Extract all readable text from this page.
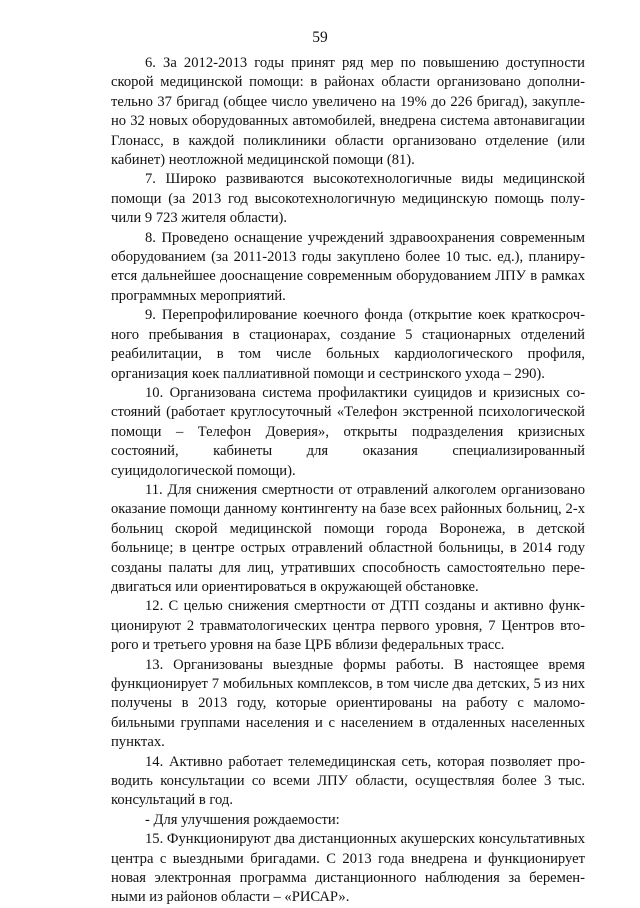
59

6. За 2012-2013 годы принят ряд мер по повышению доступности скорой медицинской помощи: в районах области организовано дополнительно 37 бригад (общее число увеличено на 19% до 226 бригад), закуплено 32 новых оборудованных автомобилей, внедрена система автонавигации Глонасс, в каждой поликлиники области организовано отделение (или кабинет) неотложной медицинской помощи (81).

7. Широко развиваются высокотехнологичные виды медицинской помощи (за 2013 год высокотехнологичную медицинскую помощь получили 9 723 жителя области).

8. Проведено оснащение учреждений здравоохранения современным оборудованием (за 2011-2013 годы закуплено более 10 тыс. ед.), планируется дальнейшее дооснащение современным оборудованием ЛПУ в рамках программных мероприятий.

9. Перепрофилирование коечного фонда (открытие коек краткосрочного пребывания в стационарах, создание 5 стационарных отделений реабилитации, в том числе больных кардиологического профиля, организация коек паллиативной помощи и сестринского ухода – 290).

10. Организована система профилактики суицидов и кризисных состояний (работает круглосуточный «Телефон экстренной психологической помощи – Телефон Доверия», открыты подразделения кризисных состояний, кабинеты для оказания специализированный суицидологической помощи).

11. Для снижения смертности от отравлений алкоголем организовано оказание помощи данному контингенту на базе всех районных больниц, 2-х больниц скорой медицинской помощи города Воронежа, в детской больнице; в центре острых отравлений областной больницы, в 2014 году созданы палаты для лиц, утративших способность самостоятельно передвигаться или ориентироваться в окружающей обстановке.

12. С целью снижения смертности от ДТП созданы и активно функционируют 2 травматологических центра первого уровня, 7 Центров второго и третьего уровня на базе ЦРБ вблизи федеральных трасс.

13. Организованы выездные формы работы. В настоящее время функционирует 7 мобильных комплексов, в том числе два детских, 5 из них получены в 2013 году, которые ориентированы на работу с маломобильными группами населения и с населением в отдаленных населенных пунктах.

14. Активно работает телемедицинская сеть, которая позволяет проводить консультации со всеми ЛПУ области, осуществляя более 3 тыс. консультаций в год.

- Для улучшения рождаемости:

15. Функционируют два дистанционных акушерских консультативных центра с выездными бригадами. С 2013 года внедрена и функционирует новая электронная программа дистанционного наблюдения за беременными из районов области – «РИСАР».
